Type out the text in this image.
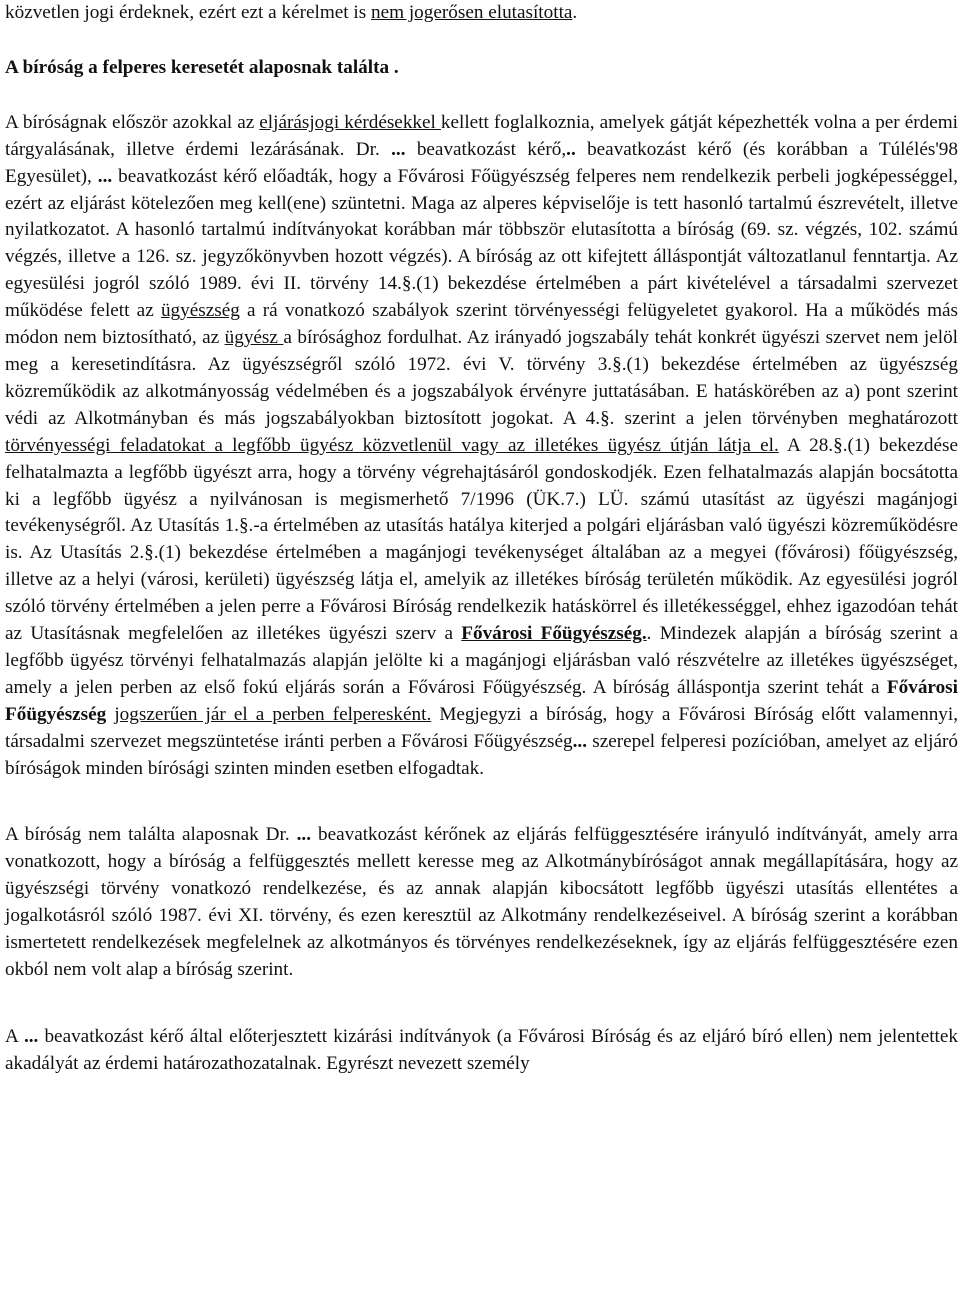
közvetlen jogi érdeknek, ezért ezt a kérelmet is nem jogerősen elutasította.

A bíróság a felperes keresetét alaposnak találta .

A bíróságnak először azokkal az eljárásjogi kérdésekkel kellett foglalkoznia, amelyek gátját képezhették volna a per érdemi tárgyalásának, illetve érdemi lezárásának. Dr. ... beavatkozást kérő,.. beavatkozást kérő (és korábban a Túlélés'98 Egyesület), ... beavatkozást kérő előadták, hogy a Fővárosi Főügyészség felperes nem rendelkezik perbeli jogképességgel, ezért az eljárást kötelezően meg kell(ene) szüntetni. Maga az alperes képviselője is tett hasonló tartalmú észrevételt, illetve nyilatkozatot. A hasonló tartalmú indítványokat korábban már többször elutasította a bíróság (69. sz. végzés, 102. számú végzés, illetve a 126. sz. jegyzőkönyvben hozott végzés). A bíróság az ott kifejtett álláspontját változatlanul fenntartja. Az egyesülési jogról szóló 1989. évi II. törvény 14.§.(1) bekezdése értelmében a párt kivételével a társadalmi szervezet működése felett az ügyészség a rá vonatkozó szabályok szerint törvényességi felügyeletet gyakorol. Ha a működés más módon nem biztosítható, az ügyész a bírósághoz fordulhat. Az irányadó jogszabály tehát konkrét ügyészi szervet nem jelöl meg a keresetindításra. Az ügyészségről szóló 1972. évi V. törvény 3.§.(1) bekezdése értelmében az ügyészség közreműködik az alkotmányosság védelmében és a jogszabályok érvényre juttatásában. E hatáskörében az a) pont szerint védi az Alkotmányban és más jogszabályokban biztosított jogokat. A 4.§. szerint a jelen törvényben meghatározott törvényességi feladatokat a legfőbb ügyész közvetlenül vagy az illetékes ügyész útján látja el. A 28.§.(1) bekezdése felhatalmazta a legfőbb ügyészt arra, hogy a törvény végrehajtásáról gondoskodjék. Ezen felhatalmazás alapján bocsátotta ki a legfőbb ügyész a nyilvánosan is megismerhető 7/1996 (ÜK.7.) LÜ. számú utasítást az ügyészi magánjogi tevékenységről. Az Utasítás 1.§.-a értelmében az utasítás hatálya kiterjed a polgári eljárásban való ügyészi közreműködésre is. Az Utasítás 2.§.(1) bekezdése értelmében a magánjogi tevékenységet általában az a megyei (fővárosi) főügyészség, illetve az a helyi (városi, kerületi) ügyészség látja el, amelyik az illetékes bíróság területén működik. Az egyesülési jogról szóló törvény értelmében a jelen perre a Fővárosi Bíróság rendelkezik hatáskörrel és illetékességgel, ehhez igazodóan tehát az Utasításnak megfelelően az illetékes ügyészi szerv a Fővárosi Főügyészség.. Mindezek alapján a bíróság szerint a legfőbb ügyész törvényi felhatalmazás alapján jelölte ki a magánjogi eljárásban való részvételre az illetékes ügyészséget, amely a jelen perben az első fokú eljárás során a Fővárosi Főügyészség. A bíróság álláspontja szerint tehát a Fővárosi Főügyészség jogszerűen jár el a perben felperesként. Megjegyzi a bíróság, hogy a Fővárosi Bíróság előtt valamennyi, társadalmi szervezet megszüntetése iránti perben a Fővárosi Főügyészség... szerepel felperesi pozícióban, amelyet az eljáró bíróságok minden bírósági szinten minden esetben elfogadtak.

A bíróság nem találta alaposnak Dr. ... beavatkozást kérőnek az eljárás felfüggesztésére irányuló indítványát, amely arra vonatkozott, hogy a bíróság a felfüggesztés mellett keresse meg az Alkotmánybíróságot annak megállapítására, hogy az ügyészségi törvény vonatkozó rendelkezése, és az annak alapján kibocsátott legfőbb ügyészi utasítás ellentétes a jogalkotásról szóló 1987. évi XI. törvény, és ezen keresztül az Alkotmány rendelkezéseivel. A bíróság szerint a korábban ismertetett rendelkezések megfelelnek az alkotmányos és törvényes rendelkezéseknek, így az eljárás felfüggesztésére ezen okból nem volt alap a bíróság szerint.

A ... beavatkozást kérő által előterjesztett kizárási indítványok (a Fővárosi Bíróság és az eljáró bíró ellen) nem jelentettek akadályát az érdemi határozathozatalnak. Egyrészt nevezett személy
